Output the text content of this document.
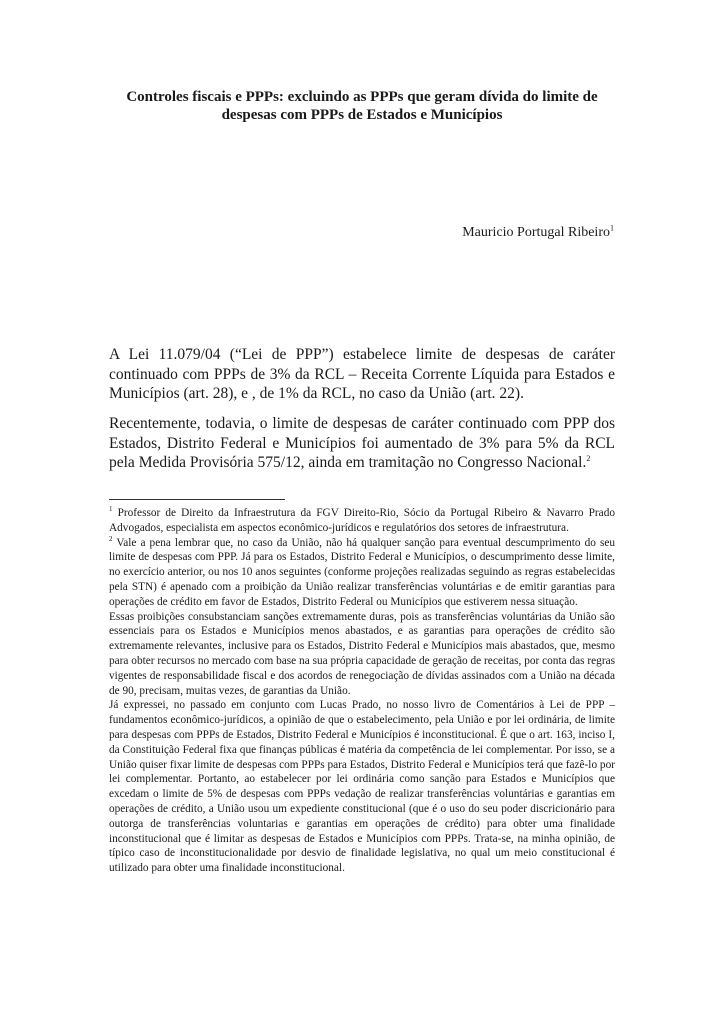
Controles fiscais e PPPs: excluindo as PPPs que geram dívida do limite de despesas com PPPs de Estados e Municípios
Mauricio Portugal Ribeiro$^1$
A Lei 11.079/04 (“Lei de PPP”) estabelece limite de despesas de caráter continuado com PPPs de 3% da RCL – Receita Corrente Líquida para Estados e Municípios (art. 28), e , de 1% da RCL, no caso da União (art. 22).
Recentemente, todavia, o limite de despesas de caráter continuado com PPP dos Estados, Distrito Federal e Municípios foi aumentado de 3% para 5% da RCL pela Medida Provisória 575/12, ainda em tramitação no Congresso Nacional.$^2$

$^1$ Professor de Direito da Infraestrutura da FGV Direito-Rio, Sócio da Portugal Ribeiro & Navarro Prado Advogados, especialista em aspectos econômico-jurídicos e regulatórios dos setores de infraestrutura.

$^2$ Vale a pena lembrar que, no caso da União, não há qualquer sanção para eventual descumprimento do seu limite de despesas com PPP. Já para os Estados, Distrito Federal e Municípios, o descumprimento desse limite, no exercício anterior, ou nos 10 anos seguintes (conforme projeções realizadas seguindo as regras estabelecidas pela STN) é apenado com a proibição da União realizar transferências voluntárias e de emitir garantias para operações de crédito em favor de Estados, Distrito Federal ou Municípios que estiverem nessa situação.

Essas proibições consubstanciam sanções extremamente duras, pois as transferências voluntárias da União são essenciais para os Estados e Municípios menos abastados, e as garantias para operações de crédito são extremamente relevantes, inclusive para os Estados, Distrito Federal e Municípios mais abastados, que, mesmo para obter recursos no mercado com base na sua própria capacidade de geração de receitas, por conta das regras vigentes de responsabilidade fiscal e dos acordos de renegociação de dívidas assinados com a União na década de 90, precisam, muitas vezes, de garantias da União.

Já expressei, no passado em conjunto com Lucas Prado, no nosso livro de Comentários à Lei de PPP – fundamentos econômico-jurídicos, a opinião de que o estabelecimento, pela União e por lei ordinária, de limite para despesas com PPPs de Estados, Distrito Federal e Municípios é inconstitucional. É que o art. 163, inciso I, da Constituição Federal fixa que finanças públicas é matéria da competência de lei complementar. Por isso, se a União quiser fixar limite de despesas com PPPs para Estados, Distrito Federal e Municípios terá que fazê-lo por lei complementar. Portanto, ao estabelecer por lei ordinária como sanção para Estados e Municípios que excedam o limite de 5% de despesas com PPPs vedação de realizar transferências voluntárias e garantias em operações de crédito, a União usou um expediente constitucional (que é o uso do seu poder discricionário para outorga de transferências voluntarias e garantias em operações de crédito) para obter uma finalidade inconstitucional que é limitar as despesas de Estados e Municípios com PPPs. Trata-se, na minha opinião, de típico caso de inconstitucionalidade por desvio de finalidade legislativa, no qual um meio constitucional é utilizado para obter uma finalidade inconstitucional.
